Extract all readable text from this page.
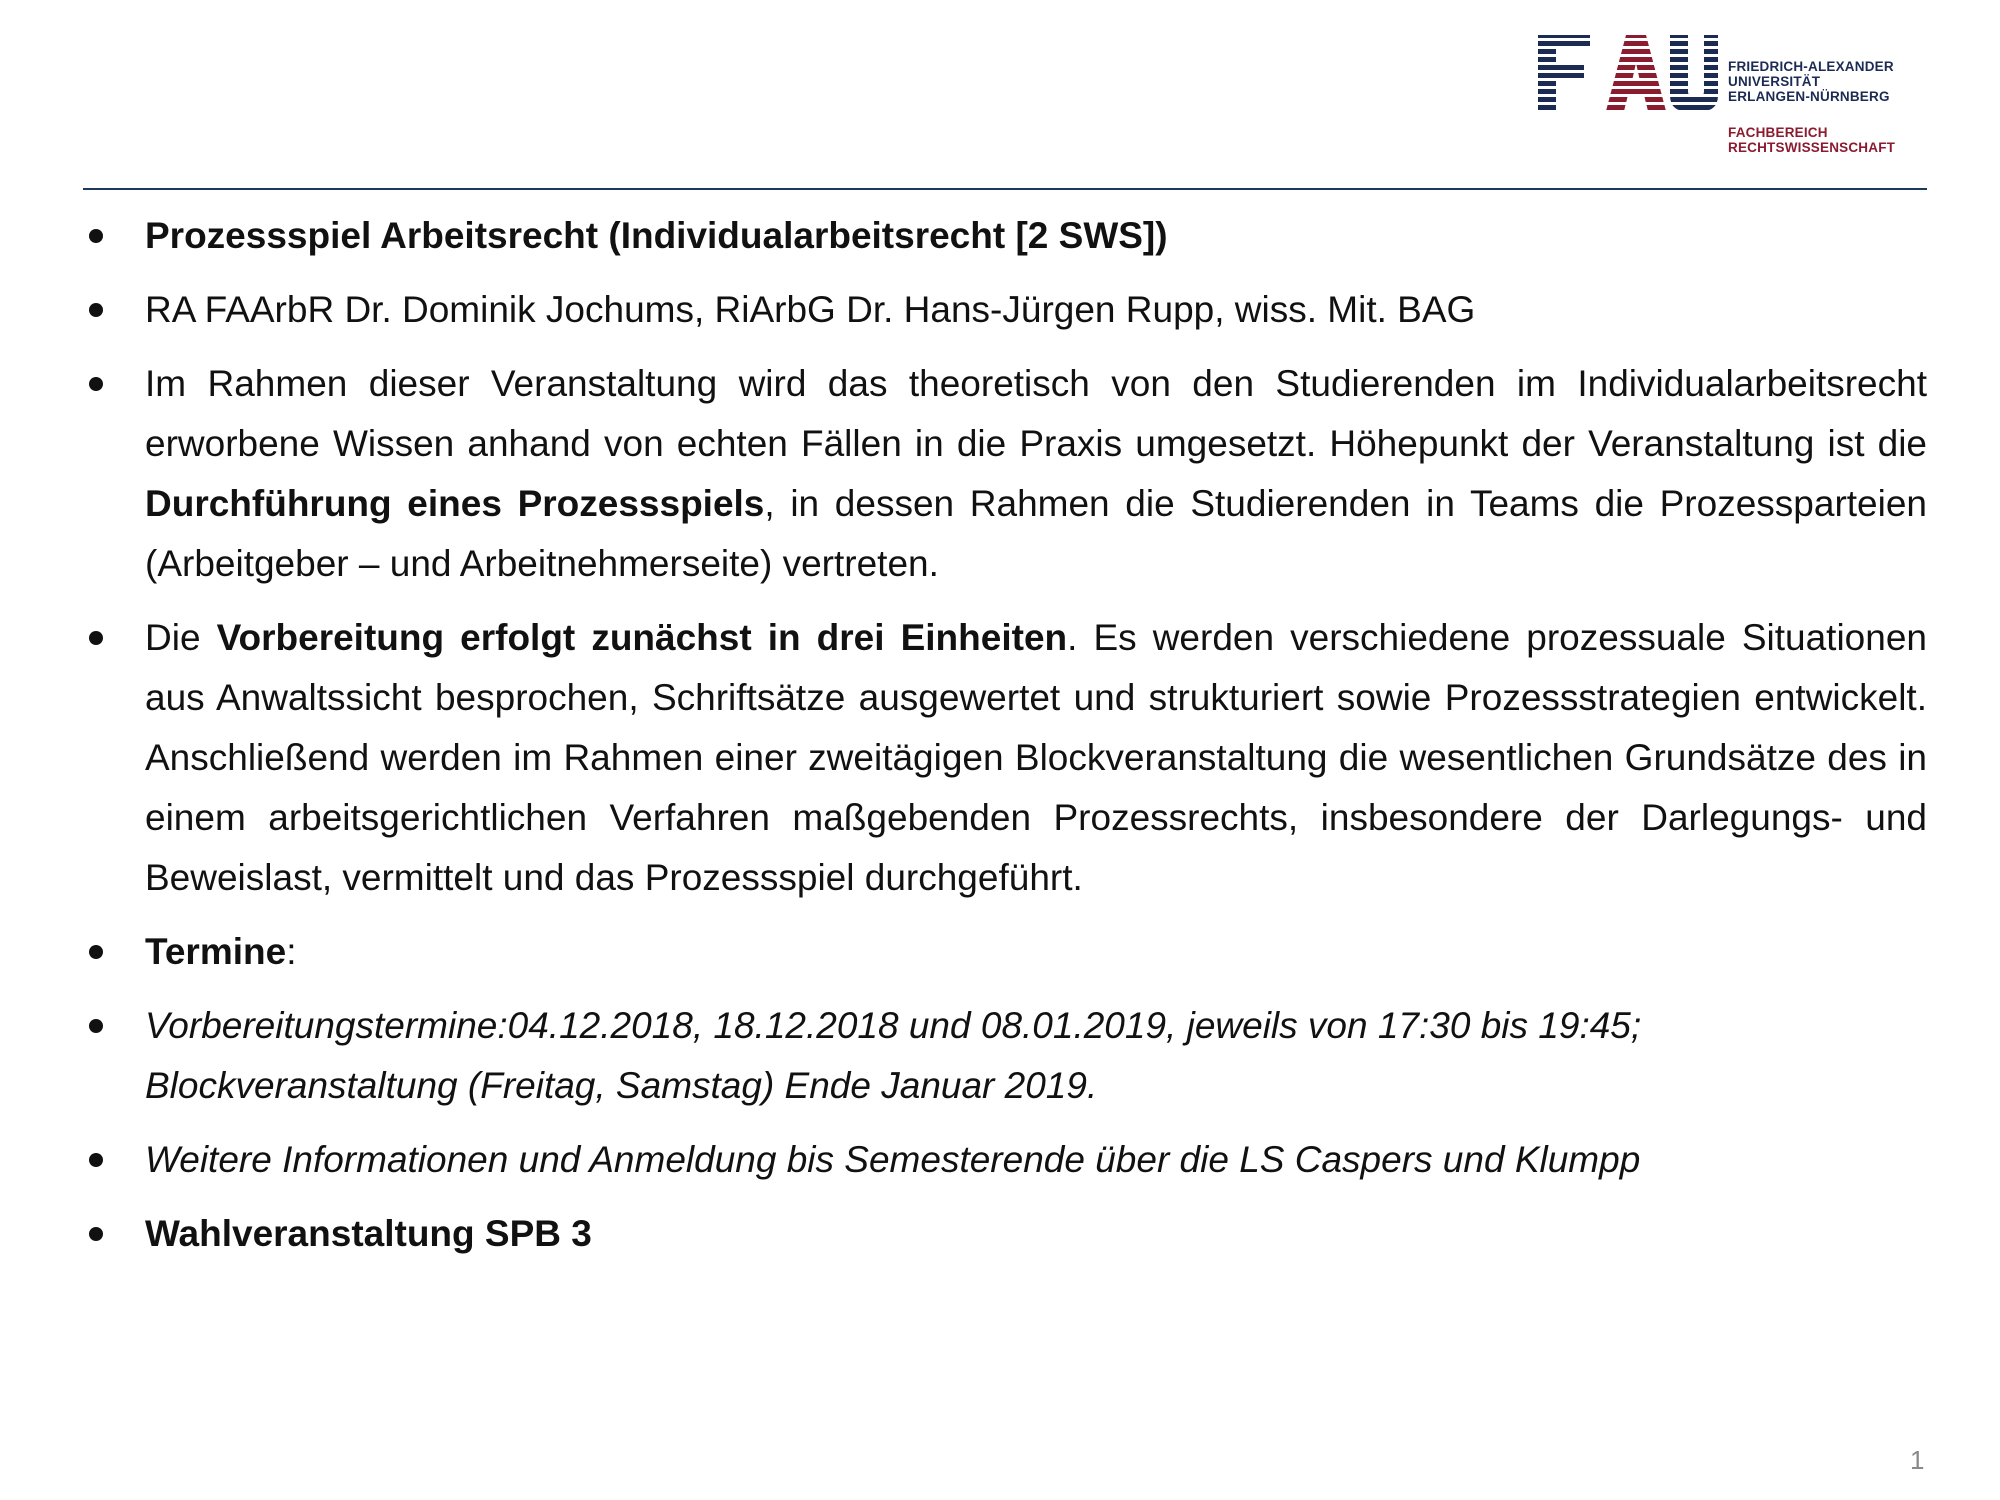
FRIEDRICH-ALEXANDER
UNIVERSITÄT
ERLANGEN-NÜRNBERG
FACHBEREICH
RECHTSWISSENSCHAFT
Prozessspiel Arbeitsrecht (Individualarbeitsrecht [2 SWS])
RA FAArbR Dr. Dominik Jochums, RiArbG Dr. Hans-Jürgen Rupp, wiss. Mit. BAG
Im Rahmen dieser Veranstaltung wird das theoretisch von den Studierenden im Individualarbeitsrecht erworbene Wissen anhand von echten Fällen in die Praxis umgesetzt. Höhepunkt der Veranstaltung ist die Durchführung eines Prozessspiels, in dessen Rahmen die Studierenden in Teams die Prozessparteien (Arbeitgeber – und Arbeitnehmerseite) vertreten.
Die Vorbereitung erfolgt zunächst in drei Einheiten. Es werden verschiedene prozessuale Situationen aus Anwaltssicht besprochen, Schriftsätze ausgewertet und strukturiert sowie Prozessstrategien entwickelt. Anschließend werden im Rahmen einer zweitägigen Blockveranstaltung die wesentlichen Grundsätze des in einem arbeitsgerichtlichen Verfahren maßgebenden Prozessrechts, insbesondere der Darlegungs- und Beweislast, vermittelt und das Prozessspiel durchgeführt.
Termine:
Vorbereitungstermine:04.12.2018, 18.12.2018 und 08.01.2019, jeweils von 17:30 bis 19:45; Blockveranstaltung (Freitag, Samstag) Ende Januar 2019.
Weitere Informationen und Anmeldung bis Semesterende über die LS Caspers und Klumpp
Wahlveranstaltung SPB 3
1
